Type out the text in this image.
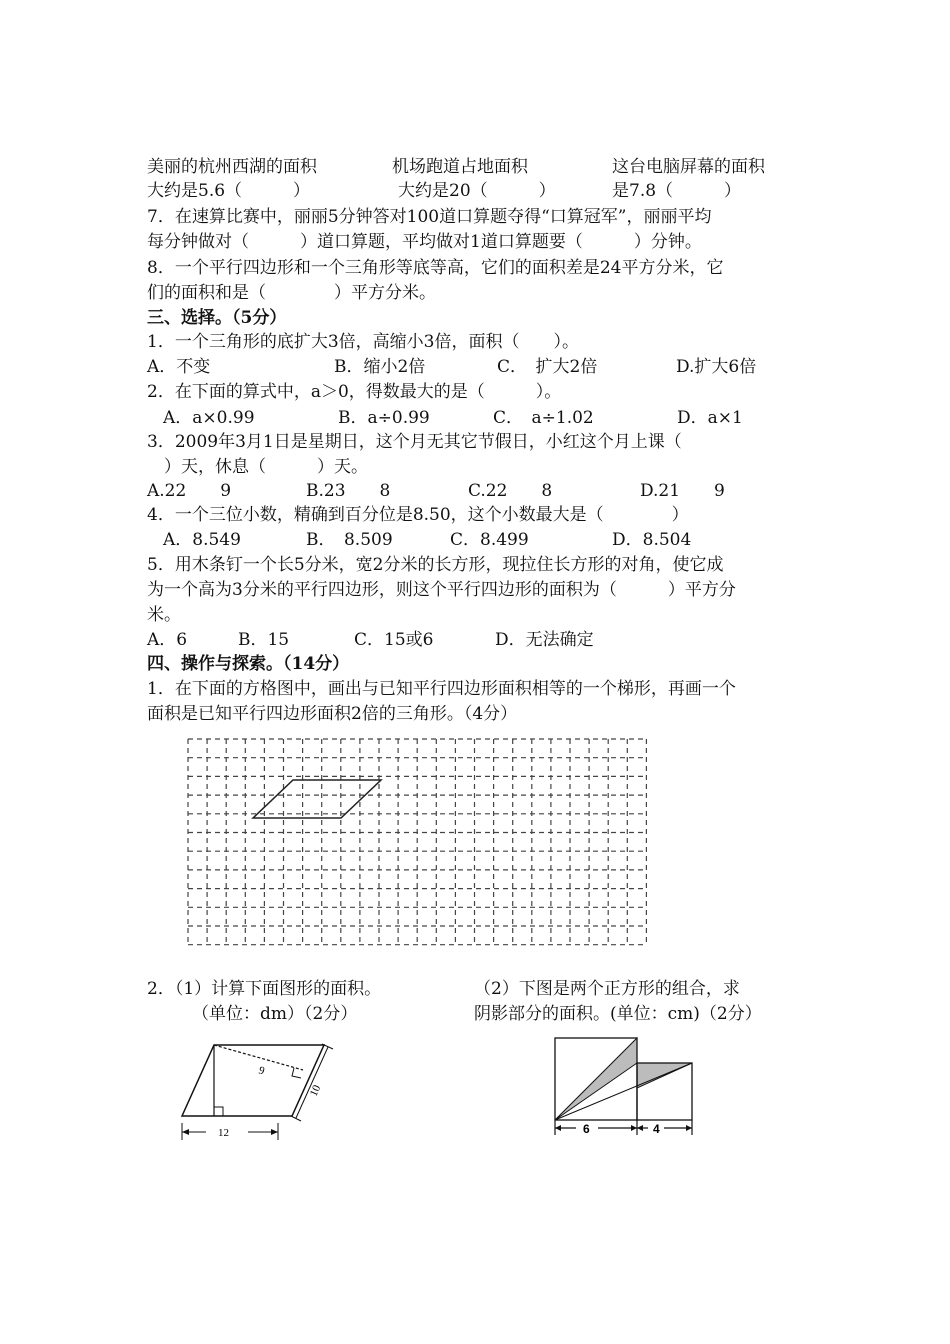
美丽的杭州西湖的面积	机场跑道占地面积	这台电脑屏幕的面积
大约是5.6（　　　）	大约是20（　　　）	是7.8（　　　）
7．在速算比赛中，丽丽5分钟答对100道口算题夺得“口算冠军”，丽丽平均
每分钟做对（　　　）道口算题，平均做对1道口算题要（　　　）分钟。
8．一个平行四边形和一个三角形等底等高，它们的面积差是24平方分米，它
们的面积和是（　　　　）平方分米。
三、选择。（5分）
1．一个三角形的底扩大3倍，高缩小3倍，面积（　　）。
A．不变	B．缩小2倍	C．　扩大2倍	D.扩大6倍
2．在下面的算式中，a＞0，得数最大的是（　　　）。
A．a×0.99	B．a÷0.99	C．　a÷1.02	D．a×1
3．2009年3月1日是星期日，这个月无其它节假日，小红这个月上课（
　）天，休息（　　　）天。
A.22　　9	B.23　　8	C.22　　8	D.21　　9
4．一个三位小数，精确到百分位是8.50，这个小数最大是（　　　　）
A．8.549	B．　8.509	C．8.499	D．8.504
5．用木条钉一个长5分米，宽2分米的长方形，现拉住长方形的对角，使它成
为一个高为3分米的平行四边形，则这个平行四边形的面积为（　　　）平方分
米。
A．6	B．15	C．15或6	D．无法确定
四、操作与探索。（14分）
1．在下面的方格图中，画出与已知平行四边形面积相等的一个梯形，再画一个
面积是已知平行四边形面积2倍的三角形。（4分）
2．（1）计算下面图形的面积。
（单位：dm）（2分）
（2）下图是两个正方形的组合，求
阴影部分的面积。(单位：cm)（2分）
9
10
12	6	4
